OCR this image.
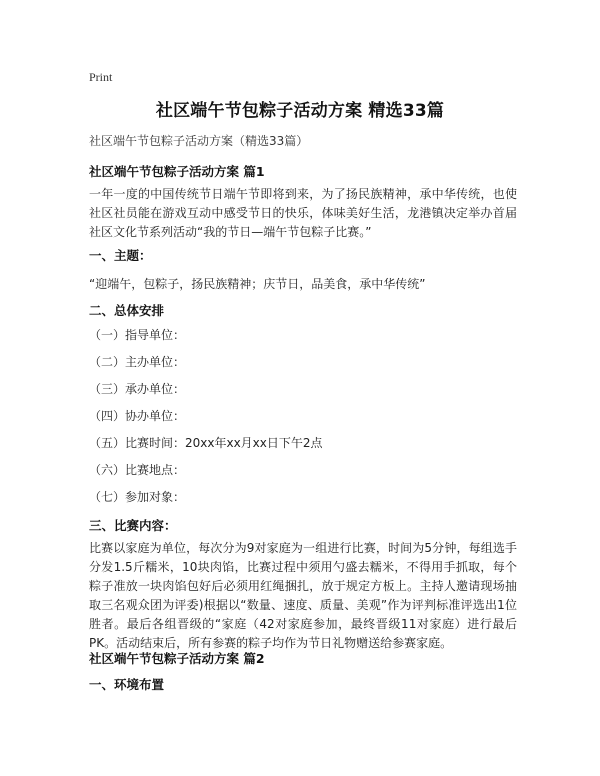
Print
社区端午节包粽子活动方案 精选33篇
社区端午节包粽子活动方案（精选33篇）
社区端午节包粽子活动方案 篇1
一年一度的中国传统节日端午节即将到来，为了扬民族精神，承中华传统，也使社区社员能在游戏互动中感受节日的快乐，体味美好生活，龙港镇决定举办首届社区文化节系列活动“我的节日—端午节包粽子比赛。”
一、主题：
“迎端午，包粽子，扬民族精神；庆节日，品美食，承中华传统”
二、总体安排
（一）指导单位：
（二）主办单位：
（三）承办单位：
（四）协办单位：
（五）比赛时间：20xx年xx月xx日下午2点
（六）比赛地点：
（七）参加对象：
三、比赛内容：
比赛以家庭为单位，每次分为9对家庭为一组进行比赛，时间为5分钟，每组选手分发1.5斤糯米，10块肉馅，比赛过程中须用勺盛去糯米，不得用手抓取，每个粽子准放一块肉馅包好后必须用红绳捆扎，放于规定方板上。主持人邀请现场抽取三名观众团为评委)根据以“数量、速度、质量、美观”作为评判标准评选出1位胜者。最后各组晋级的“家庭（42对家庭参加，最终晋级11对家庭）进行最后PK。活动结束后，所有参赛的粽子均作为节日礼物赠送给参赛家庭。
社区端午节包粽子活动方案 篇2
一、环境布置
